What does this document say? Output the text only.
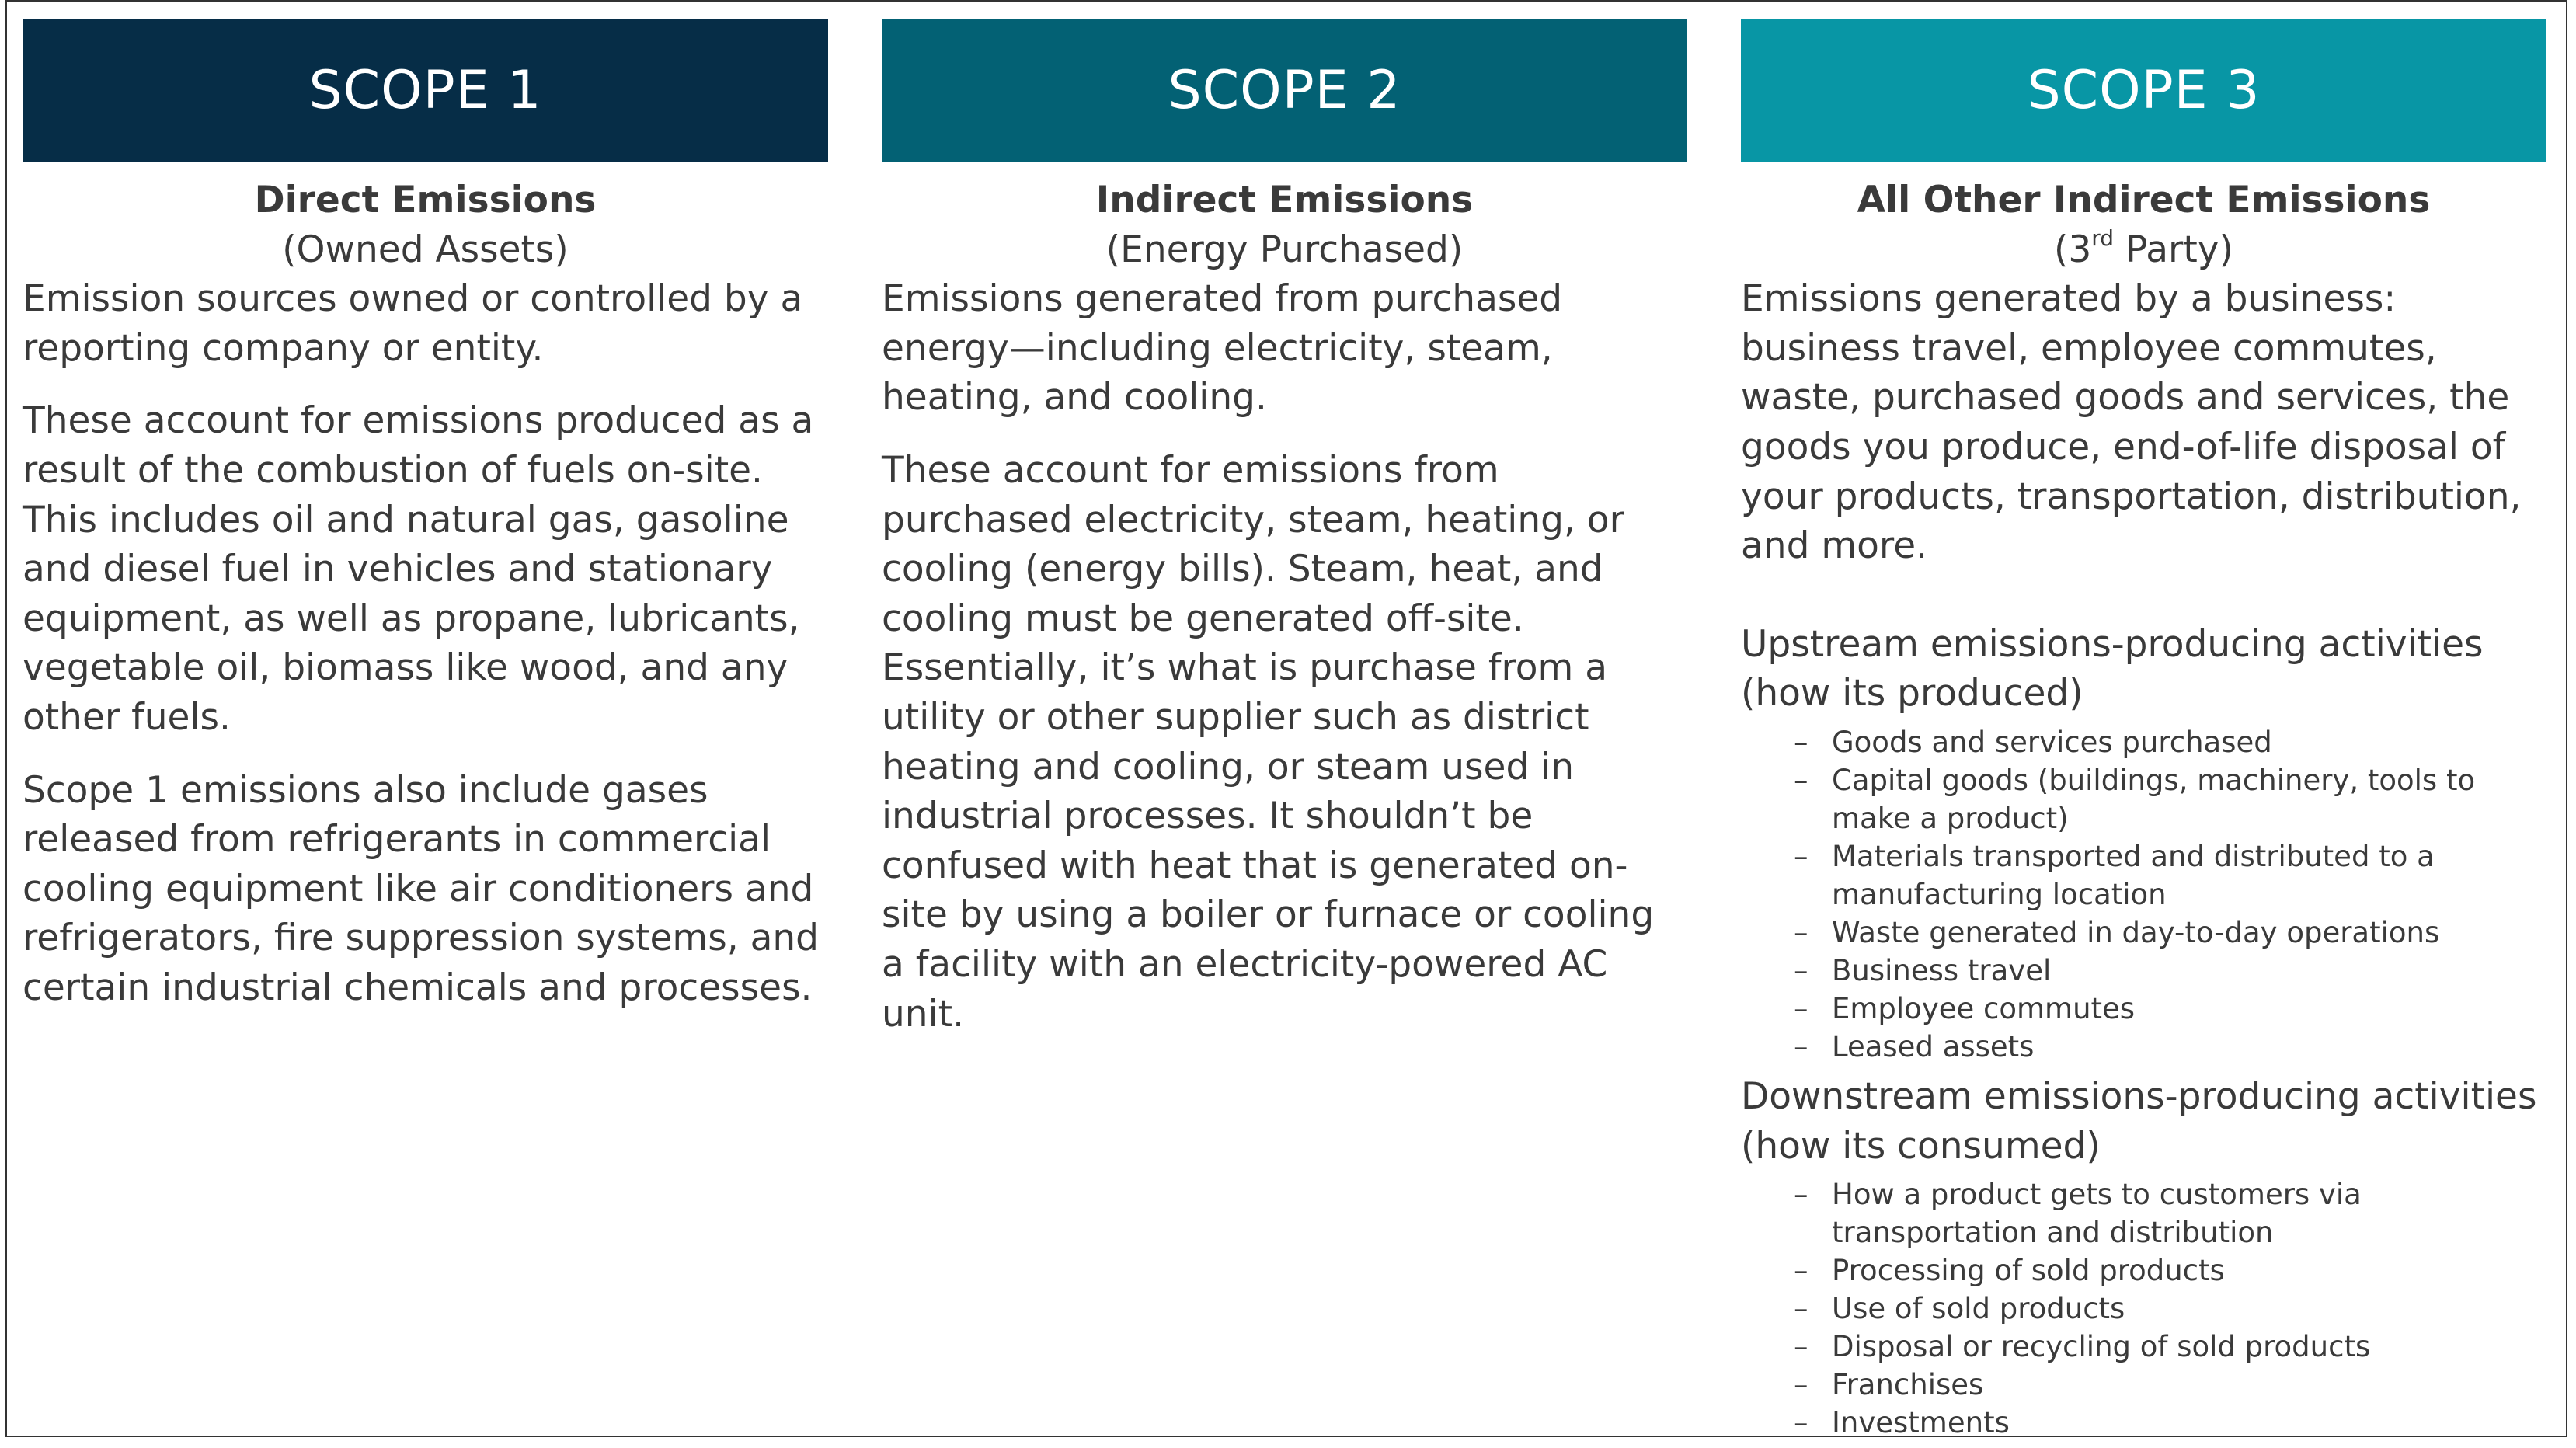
SCOPE 1
Direct Emissions
(Owned Assets)

Emission sources owned or controlled by a reporting company or entity.

These account for emissions produced as a result of the combustion of fuels on-site. This includes oil and natural gas, gasoline and diesel fuel in vehicles and stationary equipment, as well as propane, lubricants, vegetable oil, biomass like wood, and any other fuels.

Scope 1 emissions also include gases released from refrigerants in commercial cooling equipment like air conditioners and refrigerators, fire suppression systems, and certain industrial chemicals and processes.

SCOPE 2
Indirect Emissions
(Energy Purchased)

Emissions generated from purchased energy—including electricity, steam, heating, and cooling.

These account for emissions from purchased electricity, steam, heating, or cooling (energy bills). Steam, heat, and cooling must be generated off-site. Essentially, it’s what is purchase from a utility or other supplier such as district heating and cooling, or steam used in industrial processes. It shouldn’t be confused with heat that is generated on-site by using a boiler or furnace or cooling a facility with an electricity-powered AC unit.

SCOPE 3
All Other Indirect Emissions
(3rd Party)

Emissions generated by a business: business travel, employee commutes, waste, purchased goods and services, the goods you produce, end-of-life disposal of your products, transportation, distribution, and more.

Upstream emissions-producing activities (how its produced)

– Goods and services purchased
– Capital goods (buildings, machinery, tools to make a product)
– Materials transported and distributed to a manufacturing location
– Waste generated in day-to-day operations
– Business travel
– Employee commutes
– Leased assets

Downstream emissions-producing activities (how its consumed)

– How a product gets to customers via transportation and distribution
– Processing of sold products
– Use of sold products
– Disposal or recycling of sold products
– Franchises
– Investments
